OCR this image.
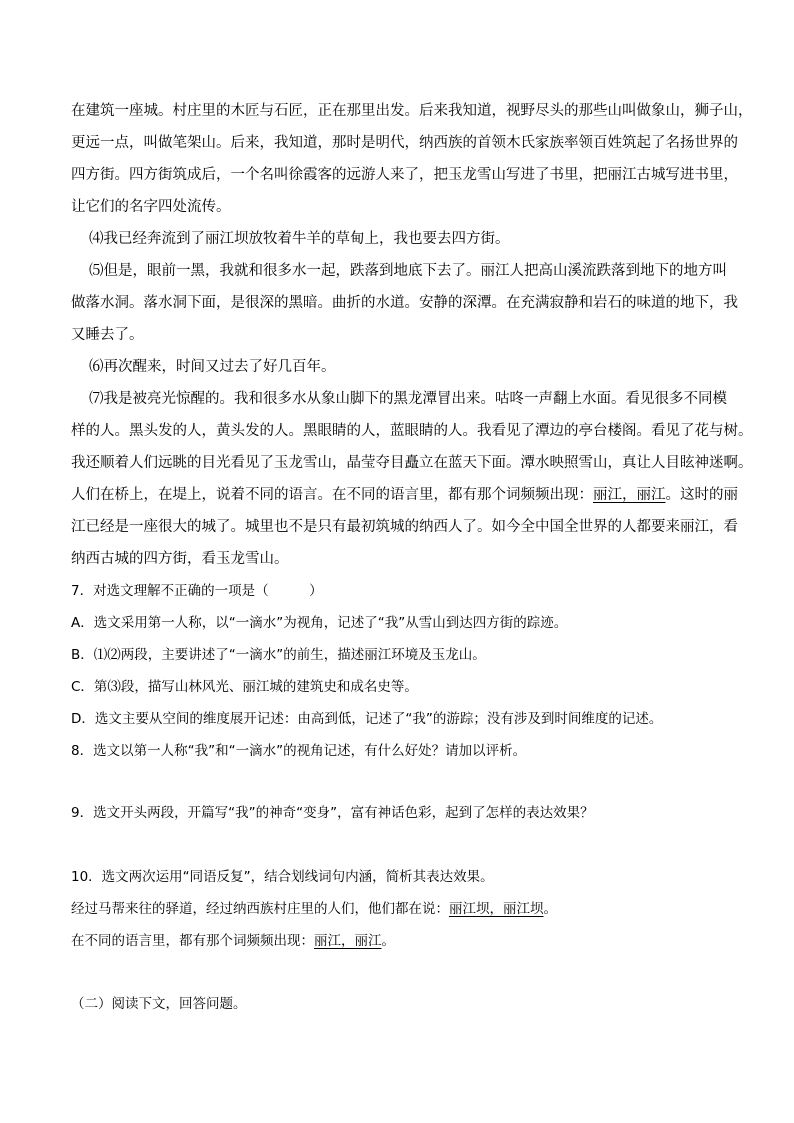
在建筑一座城。村庄里的木匠与石匠，正在那里出发。后来我知道，视野尽头的那些山叫做象山，狮子山，
更远一点，叫做笔架山。后来，我知道，那时是明代，纳西族的首领木氏家族率领百姓筑起了名扬世界的
四方街。四方街筑成后，一个名叫徐霞客的远游人来了，把玉龙雪山写进了书里，把丽江古城写进书里，
让它们的名字四处流传。
⑷我已经奔流到了丽江坝放牧着牛羊的草甸上，我也要去四方街。
⑸但是，眼前一黑，我就和很多水一起，跌落到地底下去了。丽江人把高山溪流跌落到地下的地方叫
做落水洞。落水洞下面，是很深的黑暗。曲折的水道。安静的深潭。在充满寂静和岩石的味道的地下，我
又睡去了。
⑹再次醒来，时间又过去了好几百年。
⑺我是被亮光惊醒的。我和很多水从象山脚下的黑龙潭冒出来。咕咚一声翻上水面。看见很多不同模
样的人。黑头发的人，黄头发的人。黑眼睛的人，蓝眼睛的人。我看见了潭边的亭台楼阁。看见了花与树。
我还顺着人们远眺的目光看见了玉龙雪山，晶莹夺目矗立在蓝天下面。潭水映照雪山，真让人目眩神迷啊。
人们在桥上，在堤上，说着不同的语言。在不同的语言里，都有那个词频频出现：丽江，丽江。这时的丽
江已经是一座很大的城了。城里也不是只有最初筑城的纳西人了。如今全中国全世界的人都要来丽江，看
纳西古城的四方街，看玉龙雪山。
7．对选文理解不正确的一项是（　　　）
A．选文采用第一人称，以“一滴水”为视角，记述了“我”从雪山到达四方街的踪迹。
B．⑴⑵两段，主要讲述了“一滴水”的前生，描述丽江环境及玉龙山。
C．第⑶段，描写山林风光、丽江城的建筑史和成名史等。
D．选文主要从空间的维度展开记述：由高到低，记述了“我”的游踪；没有涉及到时间维度的记述。
8．选文以第一人称“我”和“一滴水”的视角记述，有什么好处？请加以评析。
9．选文开头两段，开篇写“我”的神奇“变身”，富有神话色彩，起到了怎样的表达效果？
10．选文两次运用“同语反复”，结合划线词句内涵，简析其表达效果。
经过马帮来往的驿道，经过纳西族村庄里的人们，他们都在说：丽江坝，丽江坝。
在不同的语言里，都有那个词频频出现：丽江，丽江。
（二）阅读下文，回答问题。
